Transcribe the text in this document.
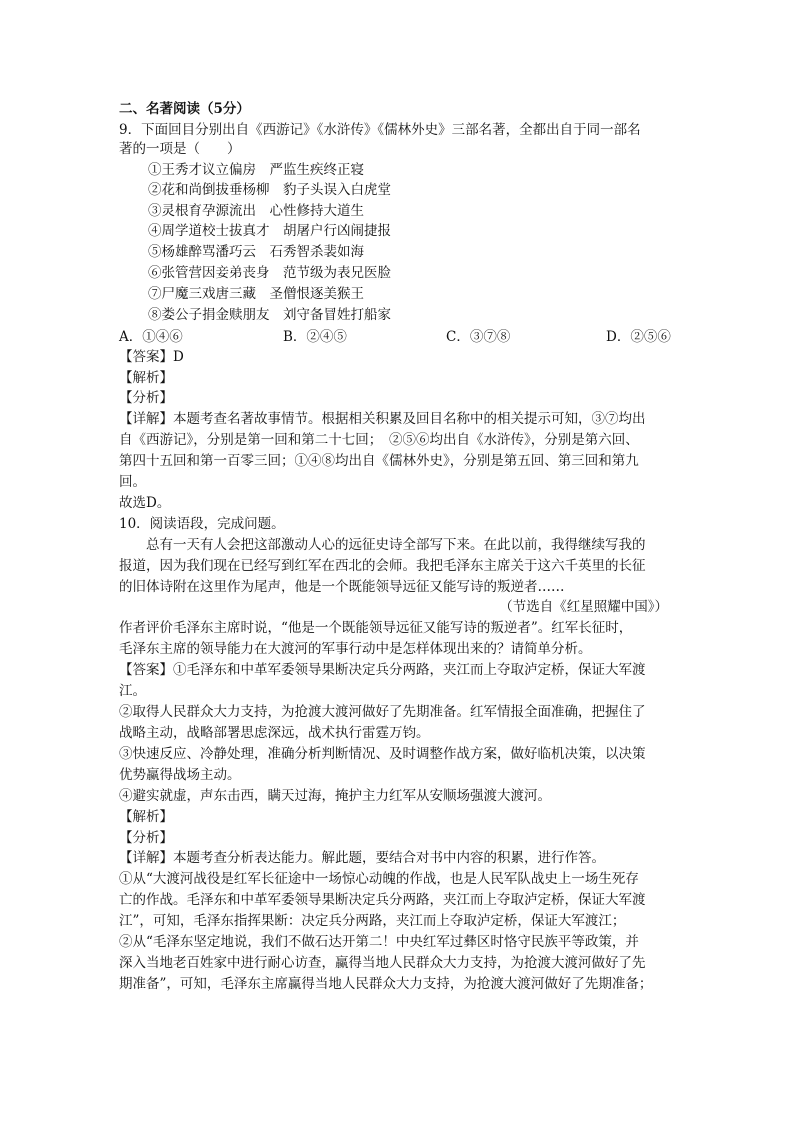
二、名著阅读（5分）
9．下面回目分别出自《西游记》《水浒传》《儒林外史》三部名著，全都出自于同一部名
著的一项是（　　）
①王秀才议立偏房　严监生疾终正寝
②花和尚倒拔垂杨柳　豹子头误入白虎堂
③灵根育孕源流出　心性修持大道生
④周学道校士拔真才　胡屠户行凶闹捷报
⑤杨雄醉骂潘巧云　石秀智杀裴如海
⑥张管营因妾弟丧身　范节级为表兄医脸
⑦尸魔三戏唐三藏　圣僧恨逐美猴王
⑧娄公子捐金赎朋友　刘守备冒姓打船家
A．①④⑥	B．②④⑤	C．③⑦⑧	D．②⑤⑥
【答案】D
【解析】
【分析】
【详解】本题考查名著故事情节。根据相关积累及回目名称中的相关提示可知，③⑦均出
自《西游记》，分别是第一回和第二十七回；　②⑤⑥均出自《水浒传》，分别是第六回、
第四十五回和第一百零三回；①④⑧均出自《儒林外史》，分别是第五回、第三回和第九
回。
故选D。
10．阅读语段，完成问题。
总有一天有人会把这部激动人心的远征史诗全部写下来。在此以前，我得继续写我的
报道，因为我们现在已经写到红军在西北的会师。我把毛泽东主席关于这六千英里的长征
的旧体诗附在这里作为尾声，他是一个既能领导远征又能写诗的叛逆者……
（节选自《红星照耀中国》）
作者评价毛泽东主席时说，“他是一个既能领导远征又能写诗的叛逆者”。红军长征时，
毛泽东主席的领导能力在大渡河的军事行动中是怎样体现出来的？请简单分析。
【答案】①毛泽东和中革军委领导果断决定兵分两路，夹江而上夺取泸定桥，保证大军渡
江。
②取得人民群众大力支持，为抢渡大渡河做好了先期准备。红军情报全面准确，把握住了
战略主动，战略部署思虑深远，战术执行雷霆万钧。
③快速反应、冷静处理，准确分析判断情况、及时调整作战方案，做好临机决策，以决策
优势赢得战场主动。
④避实就虚，声东击西，瞒天过海，掩护主力红军从安顺场强渡大渡河。
【解析】
【分析】
【详解】本题考查分析表达能力。解此题，要结合对书中内容的积累，进行作答。
①从“大渡河战役是红军长征途中一场惊心动魄的作战，也是人民军队战史上一场生死存
亡的作战。毛泽东和中革军委领导果断决定兵分两路，夹江而上夺取泸定桥，保证大军渡
江”，可知，毛泽东指挥果断：决定兵分两路，夹江而上夺取泸定桥，保证大军渡江；
②从“毛泽东坚定地说，我们不做石达开第二！中央红军过彝区时恪守民族平等政策，并
深入当地老百姓家中进行耐心访查，赢得当地人民群众大力支持，为抢渡大渡河做好了先
期准备”，可知，毛泽东主席赢得当地人民群众大力支持，为抢渡大渡河做好了先期准备；
